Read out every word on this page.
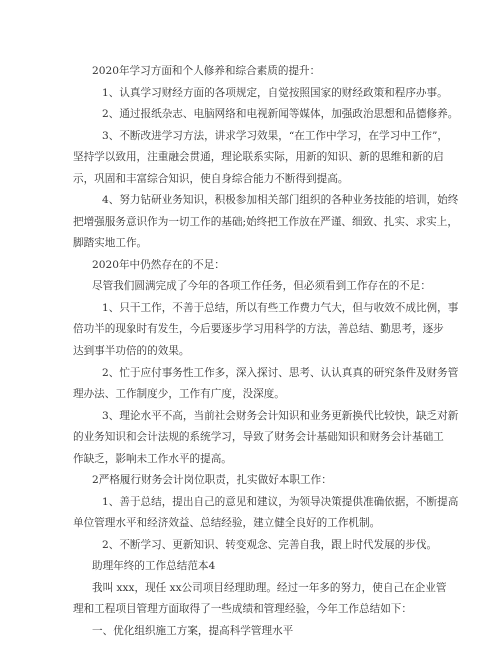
2020年学习方面和个人修养和综合素质的提升：
1、认真学习财经方面的各项规定，自觉按照国家的财经政策和程序办事。
2、通过报纸杂志、电脑网络和电视新闻等媒体，加强政治思想和品德修养。
3、不断改进学习方法，讲求学习效果，“在工作中学习，在学习中工作”，
坚持学以致用，注重融会贯通，理论联系实际，用新的知识、新的思维和新的启
示，巩固和丰富综合知识，使自身综合能力不断得到提高。
4、努力钻研业务知识，积极参加相关部门组织的各种业务技能的培训，始终
把增强服务意识作为一切工作的基础;始终把工作放在严谨、细致、扎实、求实上，
脚踏实地工作。
2020年中仍然存在的不足：
尽管我们圆满完成了今年的各项工作任务，但必须看到工作存在的不足：
1、只干工作，不善于总结，所以有些工作费力气大，但与收效不成比例，事
倍功半的现象时有发生，今后要逐步学习用科学的方法，善总结、勤思考，逐步
达到事半功倍的的效果。
2、忙于应付事务性工作多，深入探讨、思考、认认真真的研究条件及财务管
理办法、工作制度少，工作有广度，没深度。
3、理论水平不高，当前社会财务会计知识和业务更新换代比较快，缺乏对新
的业务知识和会计法规的系统学习，导致了财务会计基础知识和财务会计基础工
作缺乏，影响未工作水平的提高。
2严格履行财务会计岗位职责，扎实做好本职工作：
1、善于总结，提出自己的意见和建议，为领导决策提供准确依据，不断提高
单位管理水平和经济效益、总结经验，建立健全良好的工作机制。
2、不断学习、更新知识、转变观念、完善自我，跟上时代发展的步伐。
助理年终的工作总结范本4
我叫 xxx，现任 xx公司项目经理助理。经过一年多的努力，使自己在企业管
理和工程项目管理方面取得了一些成绩和管理经验，今年工作总结如下：
一、优化组织施工方案，提高科学管理水平
